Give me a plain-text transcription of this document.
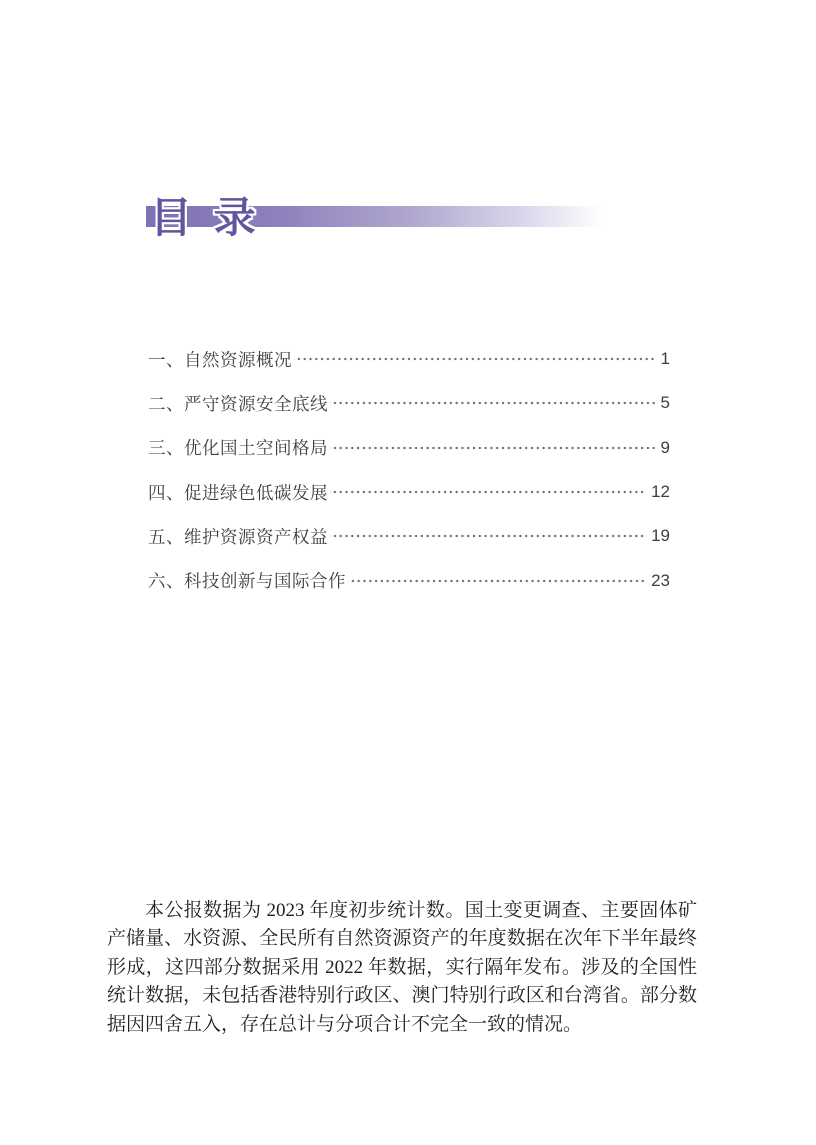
目 录
一、自然资源概况	1
二、严守资源安全底线	5
三、优化国土空间格局	9
四、促进绿色低碳发展	12
五、维护资源资产权益	19
六、科技创新与国际合作	23

本公报数据为 2023 年度初步统计数。国土变更调查、主要固体矿产储量、水资源、全民所有自然资源资产的年度数据在次年下半年最终形成，这四部分数据采用 2022 年数据，实行隔年发布。涉及的全国性统计数据，未包括香港特别行政区、澳门特别行政区和台湾省。部分数据因四舍五入，存在总计与分项合计不完全一致的情况。
